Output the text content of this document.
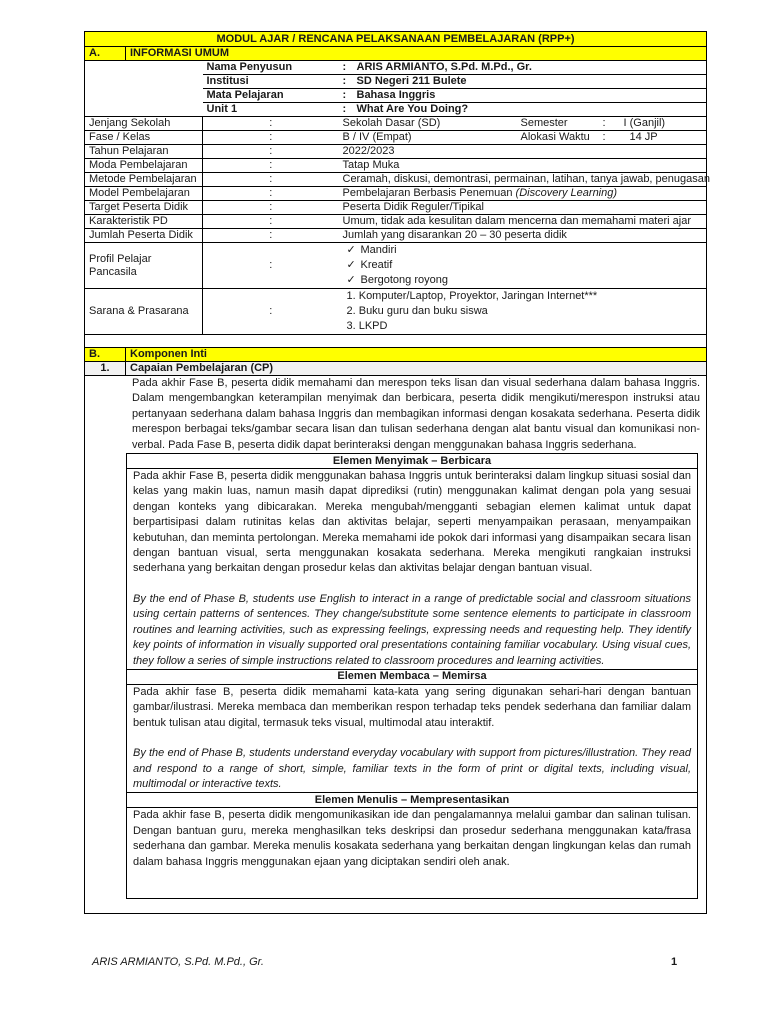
MODUL AJAR / RENCANA PELAKSANAAN PEMBELAJARAN (RPP+)
A.	INFORMASI UMUM
	Nama Penyusun	:	ARIS ARMIANTO, S.Pd. M.Pd., Gr.
	Institusi	:	SD Negeri 211 Bulete
	Mata Pelajaran	:	Bahasa Inggris
	Unit 1	:	What Are You Doing?
Jenjang Sekolah	:	Sekolah Dasar (SD)	Semester	:	I (Ganjil)
Fase / Kelas	:	B / IV (Empat)	Alokasi Waktu	:	14 JP
Tahun Pelajaran	:	2022/2023
Moda Pembelajaran	:	Tatap Muka
Metode Pembelajaran	:	Ceramah, diskusi, demontrasi, permainan, latihan, tanya jawab, penugasan
Model Pembelajaran	:	Pembelajaran Berbasis Penemuan (Discovery Learning)
Target Peserta Didik	:	Peserta Didik Reguler/Tipikal
Karakteristik PD	:	Umum, tidak ada kesulitan dalam mencerna dan memahami materi ajar
Jumlah Peserta Didik	:	Jumlah yang disarankan 20 – 30 peserta didik
Profil Pelajar Pancasila	:	
✓ Mandiri
✓ Kreatif
✓ Bergotong royong

Sarana & Prasarana	:	
1. Komputer/Laptop, Proyektor, Jaringan Internet***
2. Buku guru dan buku siswa
3. LKPD

B.	Komponen Inti
1.	Capaian Pembelajaran (CP)

Pada akhir Fase B, peserta didik memahami dan merespon teks lisan dan visual sederhana dalam bahasa Inggris. Dalam mengembangkan keterampilan menyimak dan berbicara, peserta didik mengikuti/merespon instruksi atau pertanyaan sederhana dalam bahasa Inggris dan membagikan informasi dengan kosakata sederhana. Peserta didik merespon berbagai teks/gambar secara lisan dan tulisan sederhana dengan alat bantu visual dan komunikasi non-verbal. Pada Fase B, peserta didik dapat berinteraksi dengan menggunakan bahasa Inggris sederhana.

Elemen Menyimak – Berbicara

Pada akhir Fase B, peserta didik menggunakan bahasa Inggris untuk berinteraksi dalam lingkup situasi sosial dan kelas yang makin luas, namun masih dapat diprediksi (rutin) menggunakan kalimat dengan pola yang sesuai dengan konteks yang dibicarakan. Mereka mengubah/mengganti sebagian elemen kalimat untuk dapat berpartisipasi dalam rutinitas kelas dan aktivitas belajar, seperti menyampaikan perasaan, menyampaikan kebutuhan, dan meminta pertolongan. Mereka memahami ide pokok dari informasi yang disampaikan secara lisan dengan bantuan visual, serta menggunakan kosakata sederhana. Mereka mengikuti rangkaian instruksi sederhana yang berkaitan dengan prosedur kelas dan aktivitas belajar dengan bantuan visual.

By the end of Phase B, students use English to interact in a range of predictable social and classroom situations using certain patterns of sentences. They change/substitute some sentence elements to participate in classroom routines and learning activities, such as expressing feelings, expressing needs and requesting help. They identify key points of information in visually supported oral presentations containing familiar vocabulary. Using visual cues, they follow a series of simple instructions related to classroom procedures and learning activities.

Elemen Membaca – Memirsa

Pada akhir fase B, peserta didik memahami kata-kata yang sering digunakan sehari-hari dengan bantuan gambar/ilustrasi. Mereka membaca dan memberikan respon terhadap teks pendek sederhana dan familiar dalam bentuk tulisan atau digital, termasuk teks visual, multimodal atau interaktif.

By the end of Phase B, students understand everyday vocabulary with support from pictures/illustration. They read and respond to a range of short, simple, familiar texts in the form of print or digital texts, including visual, multimodal or interactive texts.

Elemen Menulis – Mempresentasikan

Pada akhir fase B, peserta didik mengomunikasikan ide dan pengalamannya melalui gambar dan salinan tulisan. Dengan bantuan guru, mereka menghasilkan teks deskripsi dan prosedur sederhana menggunakan kata/frasa sederhana dan gambar. Mereka menulis kosakata sederhana yang berkaitan dengan lingkungan kelas dan rumah dalam bahasa Inggris menggunakan ejaan yang diciptakan sendiri oleh anak.

ARIS ARMIANTO, S.Pd. M.Pd., Gr.	1
